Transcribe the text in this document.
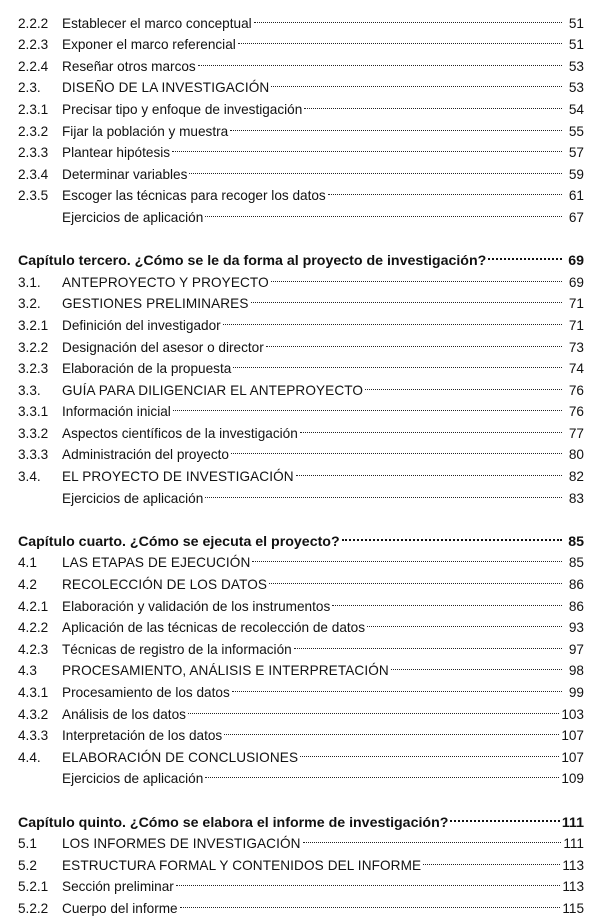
2.2.2	Establecer el marco conceptual	51
2.2.3	Exponer el marco referencial	51
2.2.4	Reseñar otros marcos	53
2.3.	DISEÑO DE LA INVESTIGACIÓN	53
2.3.1	Precisar tipo y enfoque de investigación	54
2.3.2	Fijar la población y muestra	55
2.3.3	Plantear hipótesis	57
2.3.4	Determinar variables	59
2.3.5	Escoger las técnicas para recoger los datos	61
Ejercicios de aplicación	67
Capítulo tercero. ¿Cómo se le da forma al proyecto de investigación?	69
3.1.	ANTEPROYECTO Y PROYECTO	69
3.2.	GESTIONES PRELIMINARES	71
3.2.1	Definición del investigador	71
3.2.2	Designación del asesor o director	73
3.2.3	Elaboración de la propuesta	74
3.3.	GUÍA PARA DILIGENCIAR EL ANTEPROYECTO	76
3.3.1	Información inicial	76
3.3.2	Aspectos científicos de la investigación	77
3.3.3	Administración del proyecto	80
3.4.	EL PROYECTO DE INVESTIGACIÓN	82
Ejercicios de aplicación	83
Capítulo cuarto. ¿Cómo se ejecuta el proyecto?	85
4.1	LAS ETAPAS DE EJECUCIÓN	85
4.2	RECOLECCIÓN DE LOS DATOS	86
4.2.1	Elaboración y validación de los instrumentos	86
4.2.2	Aplicación de las técnicas de recolección de datos	93
4.2.3	Técnicas de registro de la información	97
4.3	PROCESAMIENTO, ANÁLISIS E INTERPRETACIÓN	98
4.3.1	Procesamiento de los datos	99
4.3.2	Análisis de los datos	103
4.3.3	Interpretación de los datos	107
4.4.	ELABORACIÓN DE CONCLUSIONES	107
Ejercicios de aplicación	109
Capítulo quinto. ¿Cómo se elabora el informe de investigación?	111
5.1	LOS INFORMES DE INVESTIGACIÓN	111
5.2	ESTRUCTURA FORMAL Y CONTENIDOS DEL INFORME	113
5.2.1	Sección preliminar	113
5.2.2	Cuerpo del informe	115
